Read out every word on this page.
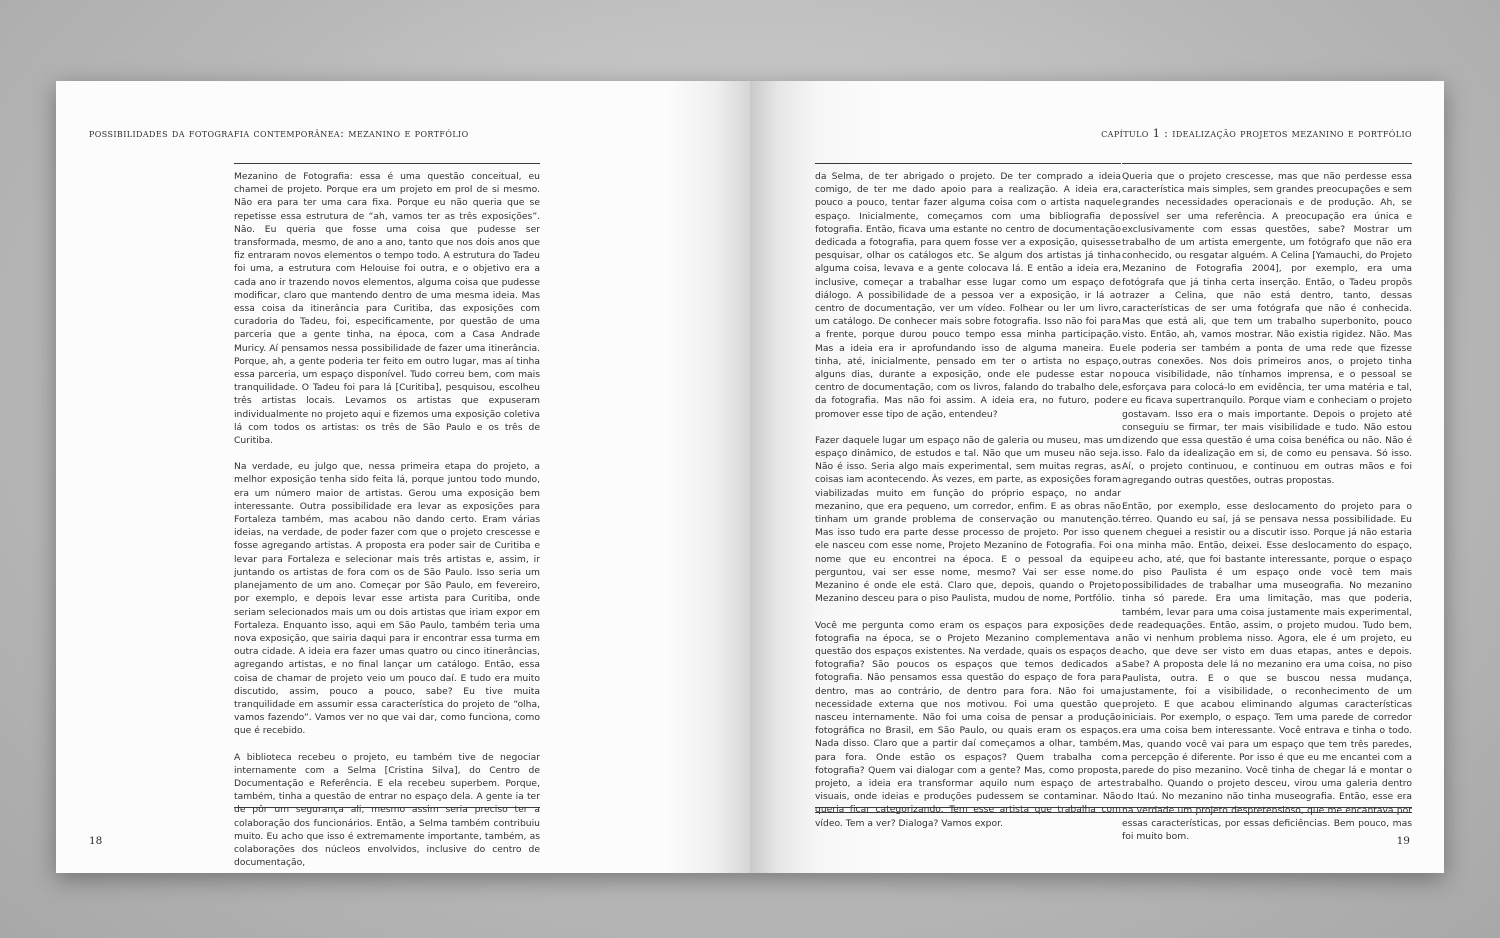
possibilidades da fotografia contemporânea: mezanino e portfólio

Mezanino de Fotografia: essa é uma questão conceitual, eu chamei de projeto. Porque era um projeto em prol de si mesmo. Não era para ter uma cara fixa. Porque eu não queria que se repetisse essa estrutura de “ah, vamos ter as três exposições”. Não. Eu queria que fosse uma coisa que pudesse ser transformada, mesmo, de ano a ano, tanto que nos dois anos que fiz entraram novos elementos o tempo todo. A estrutura do Tadeu foi uma, a estrutura com Helouise foi outra, e o objetivo era a cada ano ir trazendo novos elementos, alguma coisa que pudesse modificar, claro que mantendo dentro de uma mesma ideia. Mas essa coisa da itinerância para Curitiba, das exposições com curadoria do Tadeu, foi, especificamente, por questão de uma parceria que a gente tinha, na época, com a Casa Andrade Muricy. Aí pensamos nessa possibilidade de fazer uma itinerância. Porque, ah, a gente poderia ter feito em outro lugar, mas aí tinha essa parceria, um espaço disponível. Tudo correu bem, com mais tranquilidade. O Tadeu foi para lá [Curitiba], pesquisou, escolheu três artistas locais. Levamos os artistas que expuseram individualmente no projeto aqui e fizemos uma exposição coletiva lá com todos os artistas: os três de São Paulo e os três de Curitiba.

Na verdade, eu julgo que, nessa primeira etapa do projeto, a melhor exposição tenha sido feita lá, porque juntou todo mundo, era um número maior de artistas. Gerou uma exposição bem interessante. Outra possibilidade era levar as exposições para Fortaleza também, mas acabou não dando certo. Eram várias ideias, na verdade, de poder fazer com que o projeto crescesse e fosse agregando artistas. A proposta era poder sair de Curitiba e levar para Fortaleza e selecionar mais três artistas e, assim, ir juntando os artistas de fora com os de São Paulo. Isso seria um planejamento de um ano. Começar por São Paulo, em fevereiro, por exemplo, e depois levar esse artista para Curitiba, onde seriam selecionados mais um ou dois artistas que iriam expor em Fortaleza. Enquanto isso, aqui em São Paulo, também teria uma nova exposição, que sairia daqui para ir encontrar essa turma em outra cidade. A ideia era fazer umas quatro ou cinco itinerâncias, agregando artistas, e no final lançar um catálogo. Então, essa coisa de chamar de projeto veio um pouco daí. E tudo era muito discutido, assim, pouco a pouco, sabe? Eu tive muita tranquilidade em assumir essa característica do projeto de “olha, vamos fazendo”. Vamos ver no que vai dar, como funciona, como que é recebido.

A biblioteca recebeu o projeto, eu também tive de negociar internamente com a Selma [Cristina Silva], do Centro de Documentação e Referência. E ela recebeu superbem. Porque, também, tinha a questão de entrar no espaço dela. A gente ia ter de pôr um segurança ali, mesmo assim seria preciso ter a colaboração dos funcionários. Então, a Selma também contribuiu muito. Eu acho que isso é extremamente importante, também, as colaborações dos núcleos envolvidos, inclusive do centro de documentação,

18
capítulo 1 : idealização projetos mezanino e portfólio

da Selma, de ter abrigado o projeto. De ter comprado a ideia comigo, de ter me dado apoio para a realização. A ideia era, pouco a pouco, tentar fazer alguma coisa com o artista naquele espaço. Inicialmente, começamos com uma bibliografia de fotografia. Então, ficava uma estante no centro de documentação dedicada a fotografia, para quem fosse ver a exposição, quisesse pesquisar, olhar os catálogos etc. Se algum dos artistas já tinha alguma coisa, levava e a gente colocava lá. E então a ideia era, inclusive, começar a trabalhar esse lugar como um espaço de diálogo. A possibilidade de a pessoa ver a exposição, ir lá ao centro de documentação, ver um vídeo. Folhear ou ler um livro, um catálogo. De conhecer mais sobre fotografia. Isso não foi para a frente, porque durou pouco tempo essa minha participação. Mas a ideia era ir aprofundando isso de alguma maneira. Eu tinha, até, inicialmente, pensado em ter o artista no espaço, alguns dias, durante a exposição, onde ele pudesse estar no centro de documentação, com os livros, falando do trabalho dele, da fotografia. Mas não foi assim. A ideia era, no futuro, poder promover esse tipo de ação, entendeu?

Fazer daquele lugar um espaço não de galeria ou museu, mas um espaço dinâmico, de estudos e tal. Não que um museu não seja. Não é isso. Seria algo mais experimental, sem muitas regras, as coisas iam acontecendo. Às vezes, em parte, as exposições foram viabilizadas muito em função do próprio espaço, no andar mezanino, que era pequeno, um corredor, enfim. E as obras não tinham um grande problema de conservação ou manutenção. Mas isso tudo era parte desse processo de projeto. Por isso que ele nasceu com esse nome, Projeto Mezanino de Fotografia. Foi o nome que eu encontrei na época. E o pessoal da equipe perguntou, vai ser esse nome, mesmo? Vai ser esse nome. Mezanino é onde ele está. Claro que, depois, quando o Projeto Mezanino desceu para o piso Paulista, mudou de nome, Portfólio.

Você me pergunta como eram os espaços para exposições de fotografia na época, se o Projeto Mezanino complementava a questão dos espaços existentes. Na verdade, quais os espaços de fotografia? São poucos os espaços que temos dedicados a fotografia. Não pensamos essa questão do espaço de fora para dentro, mas ao contrário, de dentro para fora. Não foi uma necessidade externa que nos motivou. Foi uma questão que nasceu internamente. Não foi uma coisa de pensar a produção fotográfica no Brasil, em São Paulo, ou quais eram os espaços. Nada disso. Claro que a partir daí começamos a olhar, também, para fora. Onde estão os espaços? Quem trabalha com fotografia? Quem vai dialogar com a gente? Mas, como proposta, projeto, a ideia era transformar aquilo num espaço de artes visuais, onde ideias e produções pudessem se contaminar. Não queria ficar categorizando. Tem esse artista que trabalha com vídeo. Tem a ver? Dialoga? Vamos expor.

Queria que o projeto crescesse, mas que não perdesse essa característica mais simples, sem grandes preocupações e sem grandes necessidades operacionais e de produção. Ah, se possível ser uma referência. A preocupação era única e exclusivamente com essas questões, sabe? Mostrar um trabalho de um artista emergente, um fotógrafo que não era conhecido, ou resgatar alguém. A Celina [Yamauchi, do Projeto Mezanino de Fotografia 2004], por exemplo, era uma fotógrafa que já tinha certa inserção. Então, o Tadeu propôs trazer a Celina, que não está dentro, tanto, dessas características de ser uma fotógrafa que não é conhecida. Mas que está ali, que tem um trabalho superbonito, pouco visto. Então, ah, vamos mostrar. Não existia rigidez. Não. Mas ele poderia ser também a ponta de uma rede que fizesse outras conexões. Nos dois primeiros anos, o projeto tinha pouca visibilidade, não tínhamos imprensa, e o pessoal se esforçava para colocá-lo em evidência, ter uma matéria e tal, e eu ficava supertranquilo. Porque viam e conheciam o projeto gostavam. Isso era o mais importante. Depois o projeto até conseguiu se firmar, ter mais visibilidade e tudo. Não estou dizendo que essa questão é uma coisa benéfica ou não. Não é isso. Falo da idealização em si, de como eu pensava. Só isso. Aí, o projeto continuou, e continuou em outras mãos e foi agregando outras questões, outras propostas.

Então, por exemplo, esse deslocamento do projeto para o térreo. Quando eu saí, já se pensava nessa possibilidade. Eu nem cheguei a resistir ou a discutir isso. Porque já não estaria na minha mão. Então, deixei. Esse deslocamento do espaço, eu acho, até, que foi bastante interessante, porque o espaço do piso Paulista é um espaço onde você tem mais possibilidades de trabalhar uma museografia. No mezanino tinha só parede. Era uma limitação, mas que poderia, também, levar para uma coisa justamente mais experimental, de readequações. Então, assim, o projeto mudou. Tudo bem, não vi nenhum problema nisso. Agora, ele é um projeto, eu acho, que deve ser visto em duas etapas, antes e depois. Sabe? A proposta dele lá no mezanino era uma coisa, no piso Paulista, outra. E o que se buscou nessa mudança, justamente, foi a visibilidade, o reconhecimento de um projeto. E que acabou eliminando algumas características iniciais. Por exemplo, o espaço. Tem uma parede de corredor era uma coisa bem interessante. Você entrava e tinha o todo. Mas, quando você vai para um espaço que tem três paredes, a percepção é diferente. Por isso é que eu me encantei com a parede do piso mezanino. Você tinha de chegar lá e montar o trabalho. Quando o projeto desceu, virou uma galeria dentro do Itaú. No mezanino não tinha museografia. Então, esse era na verdade um projeto despretensioso, que me encantava por essas características, por essas deficiências. Bem pouco, mas foi muito bom.	19
